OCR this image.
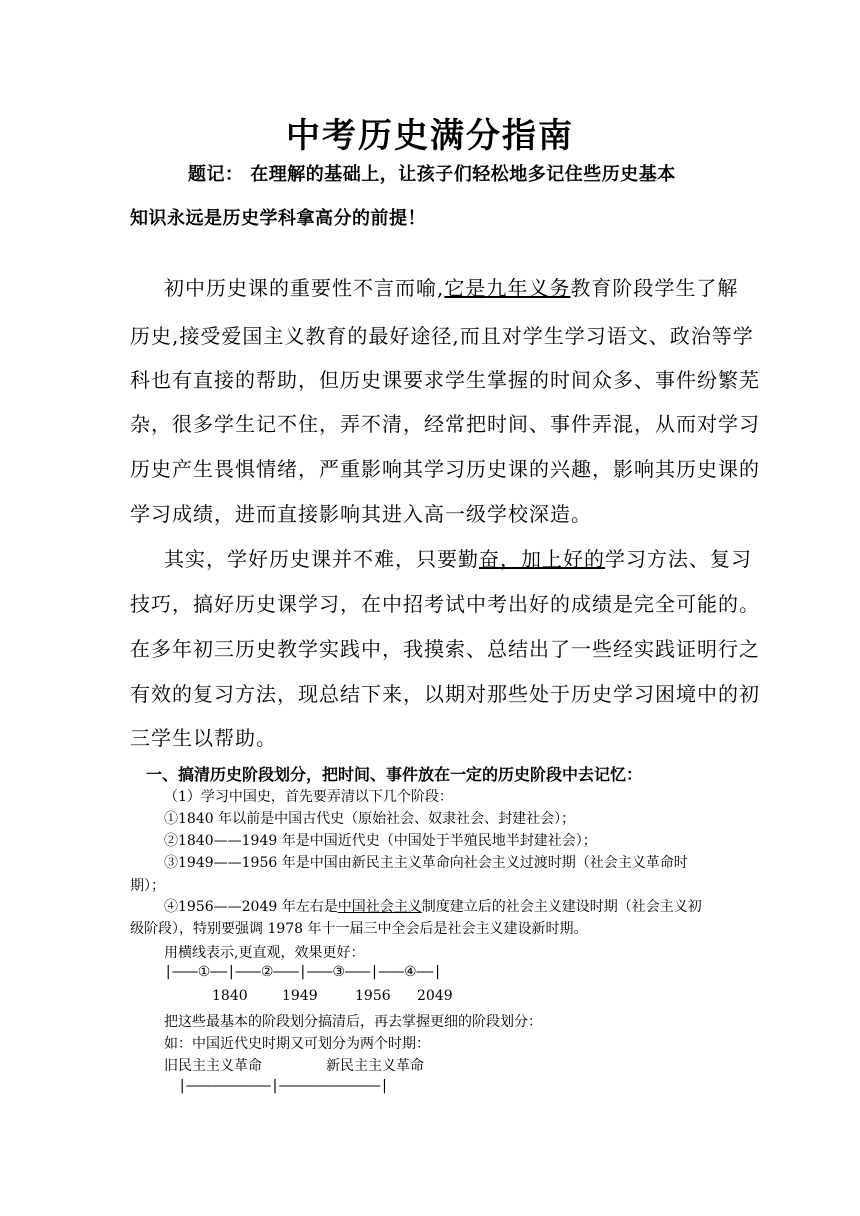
中考历史满分指南
题记： 在理解的基础上，让孩子们轻松地多记住些历史基本
知识永远是历史学科拿高分的前提！
初中历史课的重要性不言而喻,它是九年义务教育阶段学生了解
历史,接受爱国主义教育的最好途径,而且对学生学习语文、政治等学
科也有直接的帮助，但历史课要求学生掌握的时间众多、事件纷繁芜
杂，很多学生记不住，弄不清，经常把时间、事件弄混，从而对学习
历史产生畏惧情绪，严重影响其学习历史课的兴趣，影响其历史课的
学习成绩，进而直接影响其进入高一级学校深造。
其实，学好历史课并不难，只要勤奋，加上好的学习方法、复习
技巧，搞好历史课学习，在中招考试中考出好的成绩是完全可能的。
在多年初三历史教学实践中，我摸索、总结出了一些经实践证明行之
有效的复习方法，现总结下来，以期对那些处于历史学习困境中的初
三学生以帮助。
一、搞清历史阶段划分，把时间、事件放在一定的历史阶段中去记忆：
（1）学习中国史，首先要弄清以下几个阶段：
①1840 年以前是中国古代史（原始社会、奴隶社会、封建社会）；
②1840——1949 年是中国近代史（中国处于半殖民地半封建社会）；
③1949——1956 年是中国由新民主主义革命向社会主义过渡时期（社会主义革命时
期）；
④1956——2049 年左右是中国社会主义制度建立后的社会主义建设时期（社会主义初
级阶段），特别要强调 1978 年十一届三中全会后是社会主义建设新时期。
用横线表示,更直观，效果更好：
|———①——|———②———|———③———|———④——|
1840 1949	1956 2049
把这些最基本的阶段划分搞清后，再去掌握更细的阶段划分：
如：中国近代史时期又可划分为两个时期：
旧民主主义革命	新民主主义革命
|——————————|————————————|
